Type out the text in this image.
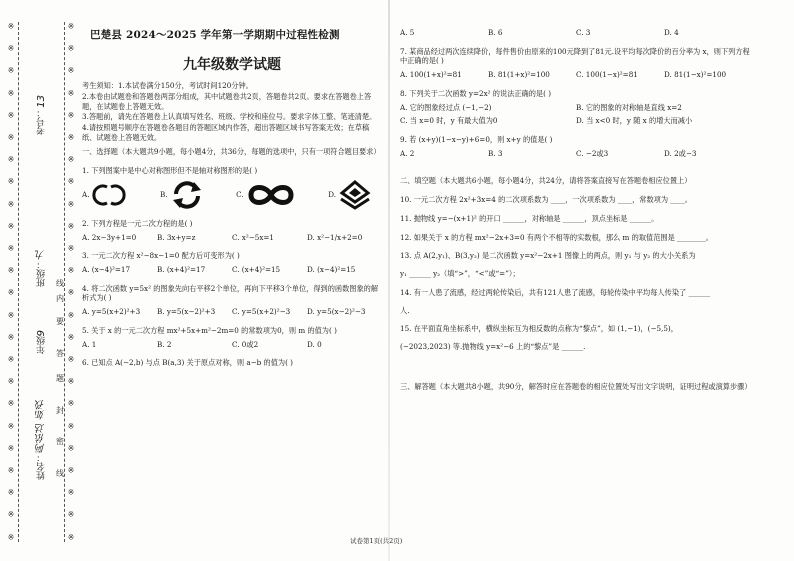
※
※
※
※
※
※
※
※
※
※
※
※
※
※
※
※
※
※
※
※
※
※
※
※
※
※
※
※
※
※
※
※
※
※
※
※
※
※
※
※
※
※
※
※
※
※
※
※
九
班级：
9
年级
阿依达 如孜
姓名：
13
考号：
线
内
要
答
题
封
密
线
巴楚县 2024～2025 学年第一学期期中过程性检测
九年级数学试题
考生须知：1.本试卷满分150分，考试时间120分钟。
2.本卷由试题卷和答题卷两部分组成，其中试题卷共2页，答题卷共2页。要求在答题卷上答题，在试题卷上答题无效。
3.答题前，请先在答题卷上认真填写姓名、班级、学校和座位号。要求字体工整、笔迹清楚。
4.请按照题号顺序在答题卷各题目的答题区域内作答，超出答题区域书写答案无效；在草稿纸、试题卷上答题无效。
一、选择题（本大题共9小题，每小题4分，共36分，每题的选项中，只有一项符合题目要求）
1. 下列图案中是中心对称图形但不是轴对称图形的是( )
A.	B.	C.	D.
2. 下列方程是一元二次方程的是( )
A. 2x−3y+1=0	B. 3x+y=z	C. x²−5x=1	D. x²−1/x+2=0
3. 一元二次方程 x²−8x−1=0 配方后可变形为( )
A. (x−4)²=17	B. (x+4)²=17	C. (x+4)²=15	D. (x−4)²=15
4. 将二次函数 y=5x² 的图象先向右平移2个单位，再向下平移3个单位，得到的函数图象的解析式为( )
A. y=5(x+2)²+3	B. y=5(x−2)²+3	C. y=5(x+2)²−3	D. y=5(x−2)²−3
5. 关于 x 的一元二次方程 mx²+5x+m²−2m=0 的常数项为0，则 m 的值为( )
A. 1	B. 2	C. 0或2	D. 0
6. 已知点 A(−2,b) 与点 B(a,3) 关于原点对称，则 a−b 的值为( )
A. 5	B. 6	C. 3	D. 4
7. 某商品经过两次连续降价，每件售价由原来的100元降到了81元.设平均每次降价的百分率为 x，则下列方程中正确的是( )
A. 100(1+x)²=81	B. 81(1+x)²=100	C. 100(1−x)²=81	D. 81(1−x)²=100
8. 下列关于二次函数 y=2x² 的说法正确的是( )
A. 它的图象经过点 (−1,−2)	B. 它的图象的对称轴是直线 x=2
C. 当 x=0 时，y 有最大值为0	D. 当 x<0 时，y 随 x 的增大而减小
9. 若 (x+y)(1−x−y)+6=0，则 x+y 的值是( )
A. 2	B. 3	C. −2或3	D. 2或−3
二、填空题（本大题共6小题，每小题4分，共24分，请将答案直接写在答题卷相应位置上）
10. 一元二次方程 2x²+3x=4 的二次项系数为 ____，一次项系数为 ____，常数项为 ____。
11. 抛物线 y=−(x+1)² 的开口 ______，对称轴是 ______，顶点坐标是 ______。
12. 如果关于 x 的方程 mx²−2x+3=0 有两个不相等的实数根，那么 m 的取值范围是 ________。
13. 点 A(2,y₁)、B(3,y₂) 是二次函数 y=x²−2x+1 图像上的两点，则 y₁ 与 y₂ 的大小关系为
y₁ ______ y₂（填“>”，“<”或“=”）；
14. 有一人患了流感，经过两轮传染后，共有121人患了流感，每轮传染中平均每人传染了 ______
人.
15. 在平面直角坐标系中，横纵坐标互为相反数的点称为“黎点”，如 (1,−1)，(−5,5)，
(−2023,2023) 等.抛物线 y=x²−6 上的“黎点”是 ______.
三、解答题（本大题共8小题，共90分，解答时应在答题卷的相应位置处写出文字说明，证明过程或演算步骤）
试卷第1页(共2页)
